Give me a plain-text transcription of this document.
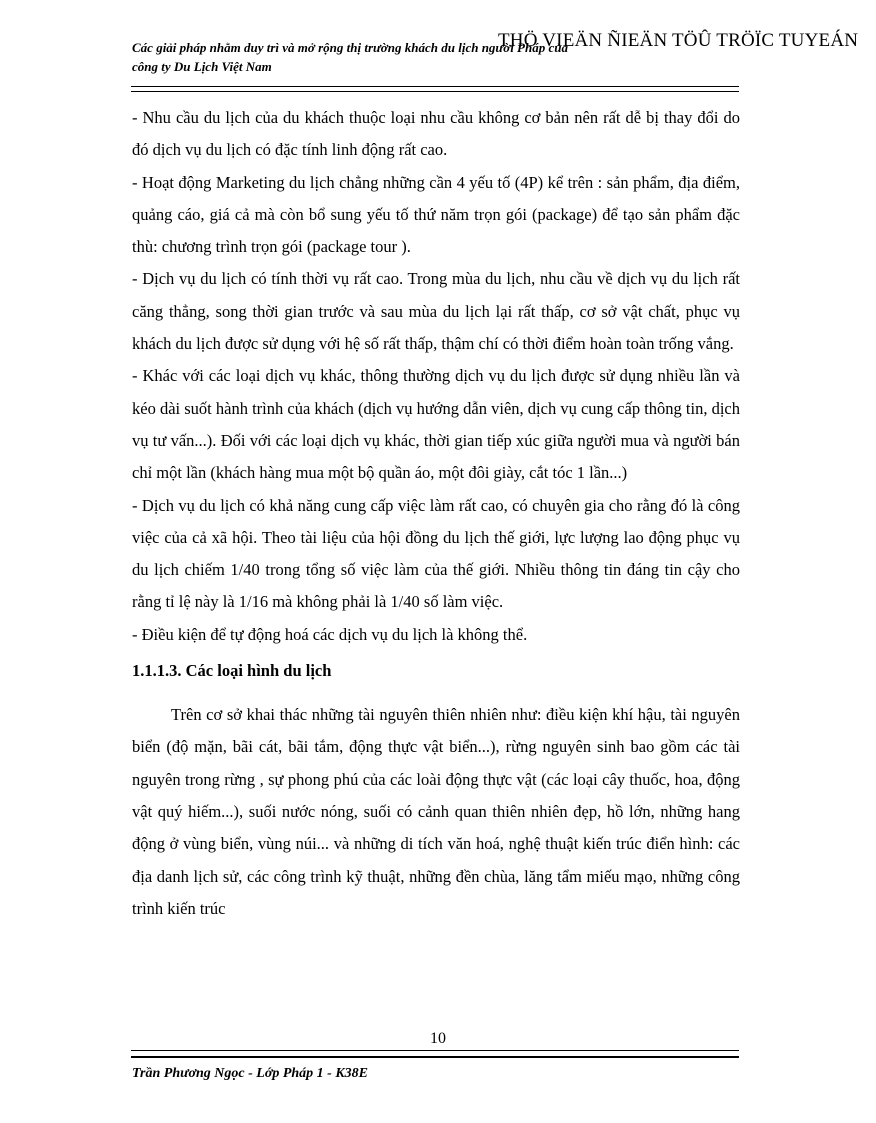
Các giải pháp nhằm duy trì và mở rộng thị trường khách du lịch người Pháp của
công ty Du Lịch Việt Nam
THÖ VIEÄN ÑIEÄN TÖÛ TRÖÏC TUYEÁN

- Nhu cầu du lịch của du khách thuộc loại nhu cầu không cơ bản nên rất dễ bị thay đổi do đó dịch vụ du lịch có đặc tính linh động rất cao.

- Hoạt động Marketing du lịch chẳng những cần 4 yếu tố (4P) kể trên : sản phẩm, địa điểm, quảng cáo, giá cả mà còn bổ sung yếu tố thứ năm trọn gói (package) để tạo sản phẩm đặc thù: chương trình trọn gói (package tour ).

- Dịch vụ du lịch có tính thời vụ rất cao. Trong mùa du lịch, nhu cầu về dịch vụ du lịch rất căng thẳng, song thời gian trước và sau mùa du lịch lại rất thấp, cơ sở vật chất, phục vụ khách du lịch được sử dụng với hệ số rất thấp, thậm chí có thời điểm hoàn toàn trống vắng.

- Khác với các loại dịch vụ khác, thông thường dịch vụ du lịch được sử dụng nhiều lần và kéo dài suốt hành trình của khách (dịch vụ hướng dẫn viên, dịch vụ cung cấp thông tin, dịch vụ tư vấn...). Đối với các loại dịch vụ khác, thời gian tiếp xúc giữa người mua và người bán chỉ một lần (khách hàng mua một bộ quần áo, một đôi giày, cắt tóc 1 lần...)

- Dịch vụ du lịch có khả năng cung cấp việc làm rất cao, có chuyên gia cho rằng đó là công việc của cả xã hội. Theo tài liệu của hội đồng du lịch thế giới, lực lượng lao động phục vụ du lịch chiếm 1/40 trong tổng số việc làm của thế giới. Nhiều thông tin đáng tin cậy cho rằng tỉ lệ này là 1/16 mà không phải là 1/40 số làm việc.

- Điều kiện để tự động hoá các dịch vụ du lịch là không thể.

1.1.1.3. Các loại hình du lịch

Trên cơ sở khai thác những tài nguyên thiên nhiên như: điều kiện khí hậu, tài nguyên biển (độ mặn, bãi cát, bãi tắm, động thực vật biển...), rừng nguyên sinh bao gồm các tài nguyên trong rừng , sự phong phú của các loài động thực vật (các loại cây thuốc, hoa, động vật quý hiếm...), suối nước nóng, suối có cảnh quan thiên nhiên đẹp, hồ lớn, những hang động ở vùng biển, vùng núi... và những di tích văn hoá, nghệ thuật kiến trúc điển hình: các địa danh lịch sử, các công trình kỹ thuật, những đền chùa, lăng tẩm miếu mạo, những công trình kiến trúc

10
Trần Phương Ngọc - Lớp Pháp 1 - K38E
